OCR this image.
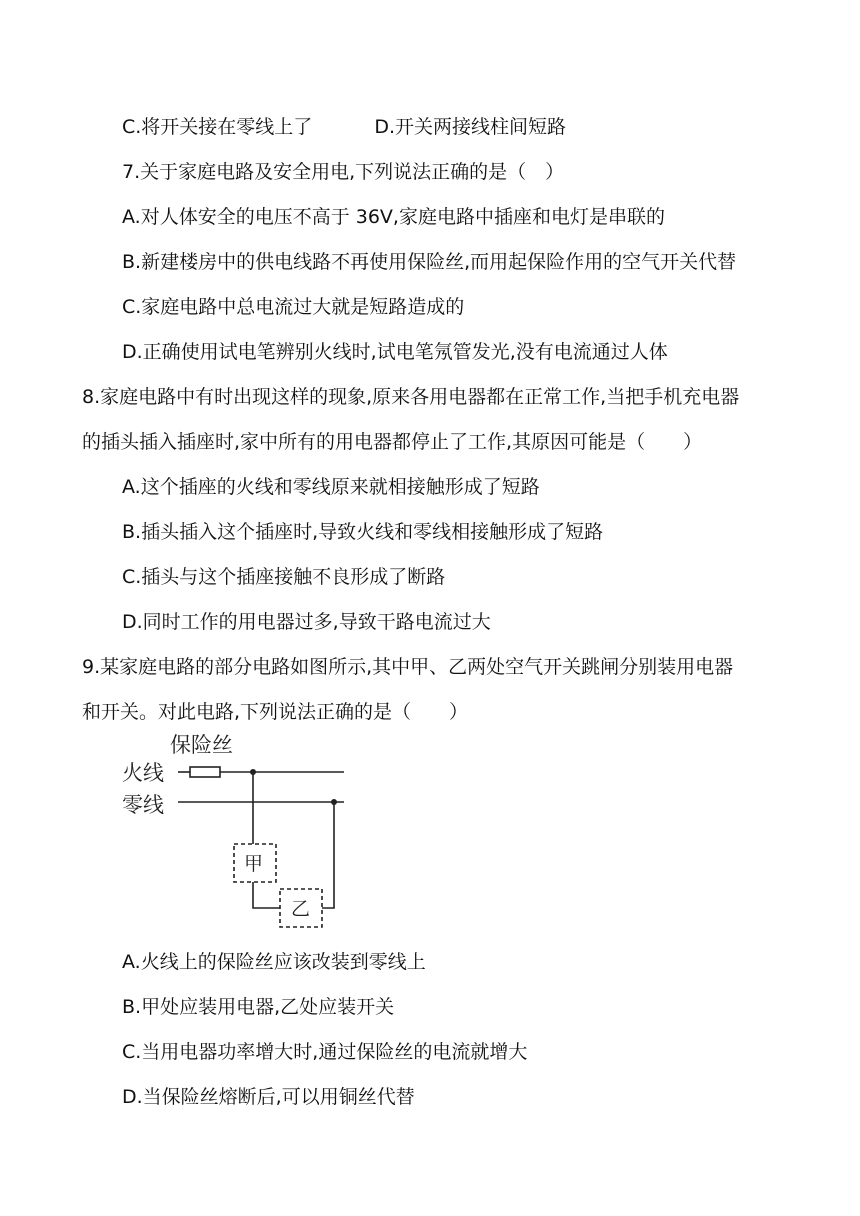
C.将开关接在零线上了	D.开关两接线柱间短路
7.关于家庭电路及安全用电,下列说法正确的是（　）
A.对人体安全的电压不高于 36V,家庭电路中插座和电灯是串联的
B.新建楼房中的供电线路不再使用保险丝,而用起保险作用的空气开关代替
C.家庭电路中总电流过大就是短路造成的
D.正确使用试电笔辨别火线时,试电笔氖管发光,没有电流通过人体
8.家庭电路中有时出现这样的现象,原来各用电器都在正常工作,当把手机充电器
的插头插入插座时,家中所有的用电器都停止了工作,其原因可能是（　　）
A.这个插座的火线和零线原来就相接触形成了短路
B.插头插入这个插座时,导致火线和零线相接触形成了短路
C.插头与这个插座接触不良形成了断路
D.同时工作的用电器过多,导致干路电流过大
9.某家庭电路的部分电路如图所示,其中甲、乙两处空气开关跳闸分别装用电器
和开关。对此电路,下列说法正确的是（　　）
保险丝
火线
零线
甲
乙
A.火线上的保险丝应该改装到零线上
B.甲处应装用电器,乙处应装开关
C.当用电器功率增大时,通过保险丝的电流就增大
D.当保险丝熔断后,可以用铜丝代替
